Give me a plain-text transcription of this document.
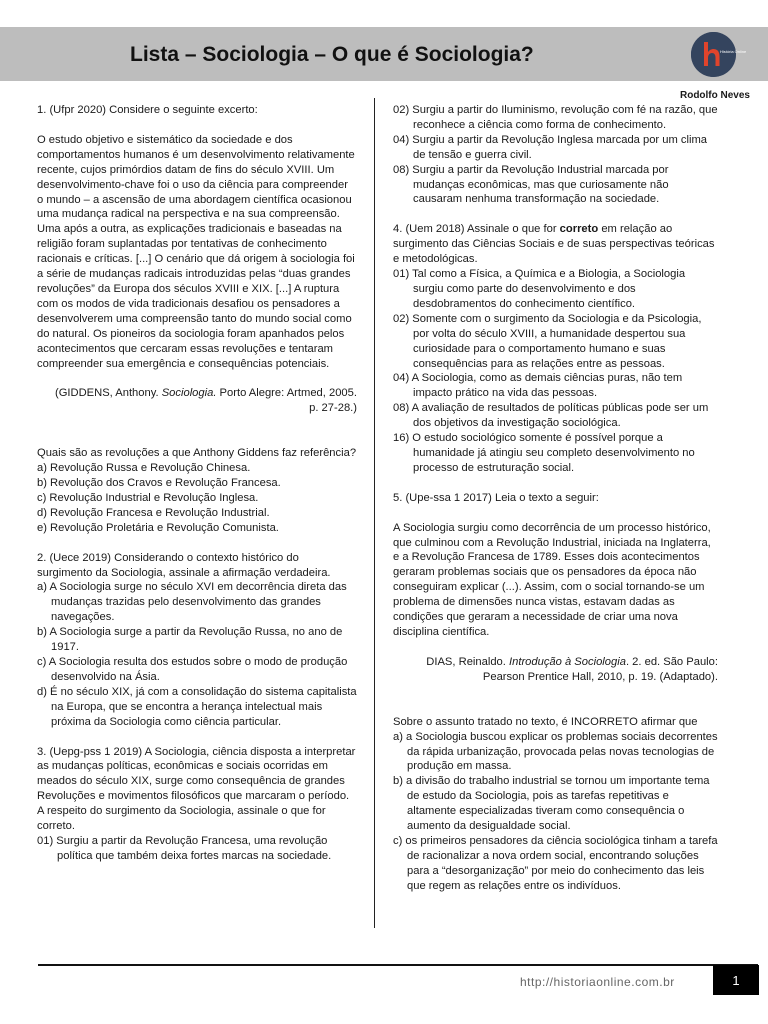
Lista – Sociologia – O que é Sociologia?	História Online
Rodolfo Neves

1. (Ufpr 2020) Considere o seguinte excerto:

O estudo objetivo e sistemático da sociedade e dos comportamentos humanos é um desenvolvimento relativamente recente, cujos primórdios datam de fins do século XVIII. Um desenvolvimento-chave foi o uso da ciência para compreender o mundo – a ascensão de uma abordagem científica ocasionou uma mudança radical na perspectiva e na sua compreensão. Uma após a outra, as explicações tradicionais e baseadas na religião foram suplantadas por tentativas de conhecimento racionais e críticas. [...] O cenário que dá origem à sociologia foi a série de mudanças radicais introduzidas pelas “duas grandes revoluções” da Europa dos séculos XVIII e XIX. [...] A ruptura com os modos de vida tradicionais desafiou os pensadores a desenvolverem uma compreensão tanto do mundo social como do natural. Os pioneiros da sociologia foram apanhados pelos acontecimentos que cercaram essas revoluções e tentaram compreender sua emergência e consequências potenciais.

(GIDDENS, Anthony. Sociologia. Porto Alegre: Artmed, 2005.

p. 27-28.)

Quais são as revoluções a que Anthony Giddens faz referência?

a) Revolução Russa e Revolução Chinesa.

b) Revolução dos Cravos e Revolução Francesa.

c) Revolução Industrial e Revolução Inglesa.

d) Revolução Francesa e Revolução Industrial.

e) Revolução Proletária e Revolução Comunista.

2. (Uece 2019) Considerando o contexto histórico do surgimento da Sociologia, assinale a afirmação verdadeira.

a) A Sociologia surge no século XVI em decorrência direta das mudanças trazidas pelo desenvolvimento das grandes navegações.

b) A Sociologia surge a partir da Revolução Russa, no ano de 1917.

c) A Sociologia resulta dos estudos sobre o modo de produção desenvolvido na Ásia.

d) É no século XIX, já com a consolidação do sistema capitalista na Europa, que se encontra a herança intelectual mais próxima da Sociologia como ciência particular.

3. (Uepg-pss 1 2019) A Sociologia, ciência disposta a interpretar as mudanças políticas, econômicas e sociais ocorridas em meados do século XIX, surge como consequência de grandes Revoluções e movimentos filosóficos que marcaram o período. A respeito do surgimento da Sociologia, assinale o que for correto.

01) Surgiu a partir da Revolução Francesa, uma revolução política que também deixa fortes marcas na sociedade.

02) Surgiu a partir do Iluminismo, revolução com fé na razão, que reconhece a ciência como forma de conhecimento.

04) Surgiu a partir da Revolução Inglesa marcada por um clima de tensão e guerra civil.

08) Surgiu a partir da Revolução Industrial marcada por mudanças econômicas, mas que curiosamente não causaram nenhuma transformação na sociedade.

4. (Uem 2018) Assinale o que for correto em relação ao surgimento das Ciências Sociais e de suas perspectivas teóricas e metodológicas.

01) Tal como a Física, a Química e a Biologia, a Sociologia surgiu como parte do desenvolvimento e dos desdobramentos do conhecimento científico.

02) Somente com o surgimento da Sociologia e da Psicologia, por volta do século XVIII, a humanidade despertou sua curiosidade para o comportamento humano e suas consequências para as relações entre as pessoas.

04) A Sociologia, como as demais ciências puras, não tem impacto prático na vida das pessoas.

08) A avaliação de resultados de políticas públicas pode ser um dos objetivos da investigação sociológica.

16) O estudo sociológico somente é possível porque a humanidade já atingiu seu completo desenvolvimento no processo de estruturação social.

5. (Upe-ssa 1 2017) Leia o texto a seguir:

A Sociologia surgiu como decorrência de um processo histórico, que culminou com a Revolução Industrial, iniciada na Inglaterra, e a Revolução Francesa de 1789. Esses dois acontecimentos geraram problemas sociais que os pensadores da época não conseguiram explicar (...). Assim, com o social tornando-se um problema de dimensões nunca vistas, estavam dadas as condições que geraram a necessidade de criar uma nova disciplina científica.

DIAS, Reinaldo. Introdução à Sociologia. 2. ed. São Paulo:

Pearson Prentice Hall, 2010, p. 19. (Adaptado).

Sobre o assunto tratado no texto, é INCORRETO afirmar que

a) a Sociologia buscou explicar os problemas sociais decorrentes da rápida urbanização, provocada pelas novas tecnologias de produção em massa.

b) a divisão do trabalho industrial se tornou um importante tema de estudo da Sociologia, pois as tarefas repetitivas e altamente especializadas tiveram como consequência o aumento da desigualdade social.

c) os primeiros pensadores da ciência sociológica tinham a tarefa de racionalizar a nova ordem social, encontrando soluções para a “desorganização” por meio do conhecimento das leis que regem as relações entre os indivíduos.

http://historiaonline.com.br	1
